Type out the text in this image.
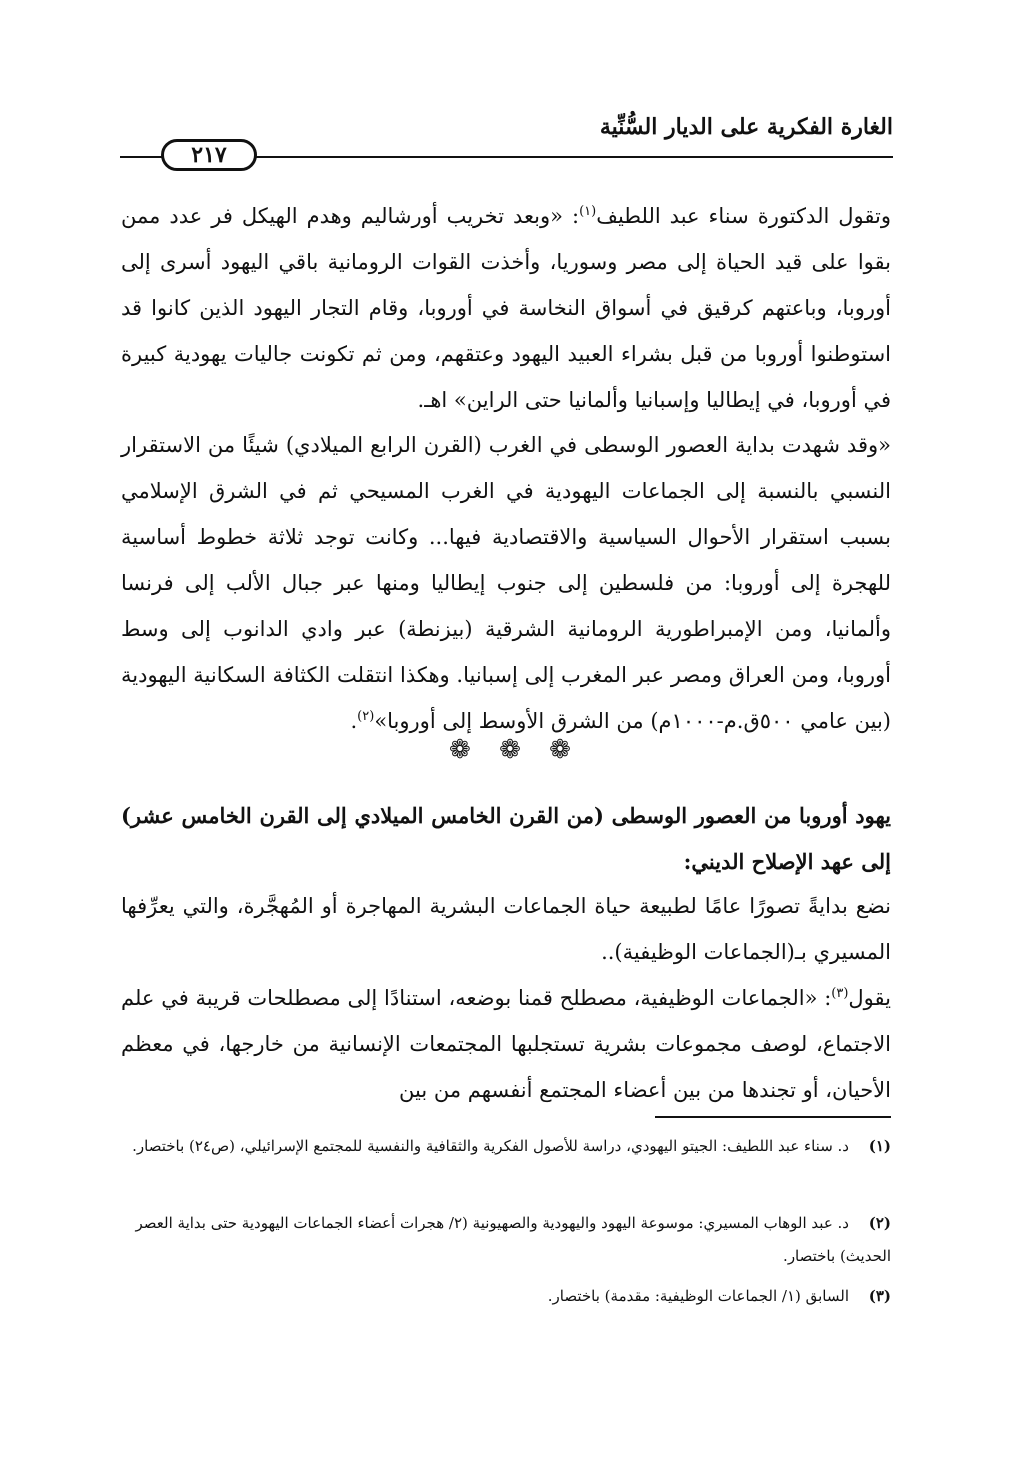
الغارة الفكرية على الديار السُّنِّية
٢١٧
وتقول الدكتورة سناء عبد اللطيف$^{(١)}$: «وبعد تخريب أورشاليم وهدم الهيكل فر عدد ممن بقوا على قيد الحياة إلى مصر وسوريا، وأخذت القوات الرومانية باقي اليهود أسرى إلى أوروبا، وباعتهم كرقيق في أسواق النخاسة في أوروبا، وقام التجار اليهود الذين كانوا قد استوطنوا أوروبا من قبل بشراء العبيد اليهود وعتقهم، ومن ثم تكونت جاليات يهودية كبيرة في أوروبا، في إيطاليا وإسبانيا وألمانيا حتى الراين» اهـ.
«وقد شهدت بداية العصور الوسطى في الغرب (القرن الرابع الميلادي) شيئًا من الاستقرار النسبي بالنسبة إلى الجماعات اليهودية في الغرب المسيحي ثم في الشرق الإسلامي بسبب استقرار الأحوال السياسية والاقتصادية فيها... وكانت توجد ثلاثة خطوط أساسية للهجرة إلى أوروبا: من فلسطين إلى جنوب إيطاليا ومنها عبر جبال الألب إلى فرنسا وألمانيا، ومن الإمبراطورية الرومانية الشرقية (بيزنطة) عبر وادي الدانوب إلى وسط أوروبا، ومن العراق ومصر عبر المغرب إلى إسبانيا. وهكذا انتقلت الكثافة السكانية اليهودية (بين عامي ٥٠٠ق.م-١٠٠٠م) من الشرق الأوسط إلى أوروبا»$^{(٢)}$.
❁ ❁ ❁
يهود أوروبا من العصور الوسطى (من القرن الخامس الميلادي إلى القرن الخامس عشر) إلى عهد الإصلاح الديني:
نضع بدايةً تصورًا عامًا لطبيعة حياة الجماعات البشرية المهاجرة أو المُهجَّرة، والتي يعرِّفها المسيري بـ(الجماعات الوظيفية)..
يقول$^{(٣)}$: «الجماعات الوظيفية، مصطلح قمنا بوضعه، استنادًا إلى مصطلحات قريبة في علم الاجتماع، لوصف مجموعات بشرية تستجلبها المجتمعات الإنسانية من خارجها، في معظم الأحيان، أو تجندها من بين أعضاء المجتمع أنفسهم من بين
(١)د. سناء عبد اللطيف: الجيتو اليهودي، دراسة للأصول الفكرية والثقافية والنفسية للمجتمع الإسرائيلي، (ص٢٤) باختصار.
(٢)د. عبد الوهاب المسيري: موسوعة اليهود واليهودية والصهيونية (٢/ هجرات أعضاء الجماعات اليهودية حتى بداية العصر الحديث) باختصار.
(٣)السابق (١/ الجماعات الوظيفية: مقدمة) باختصار.
